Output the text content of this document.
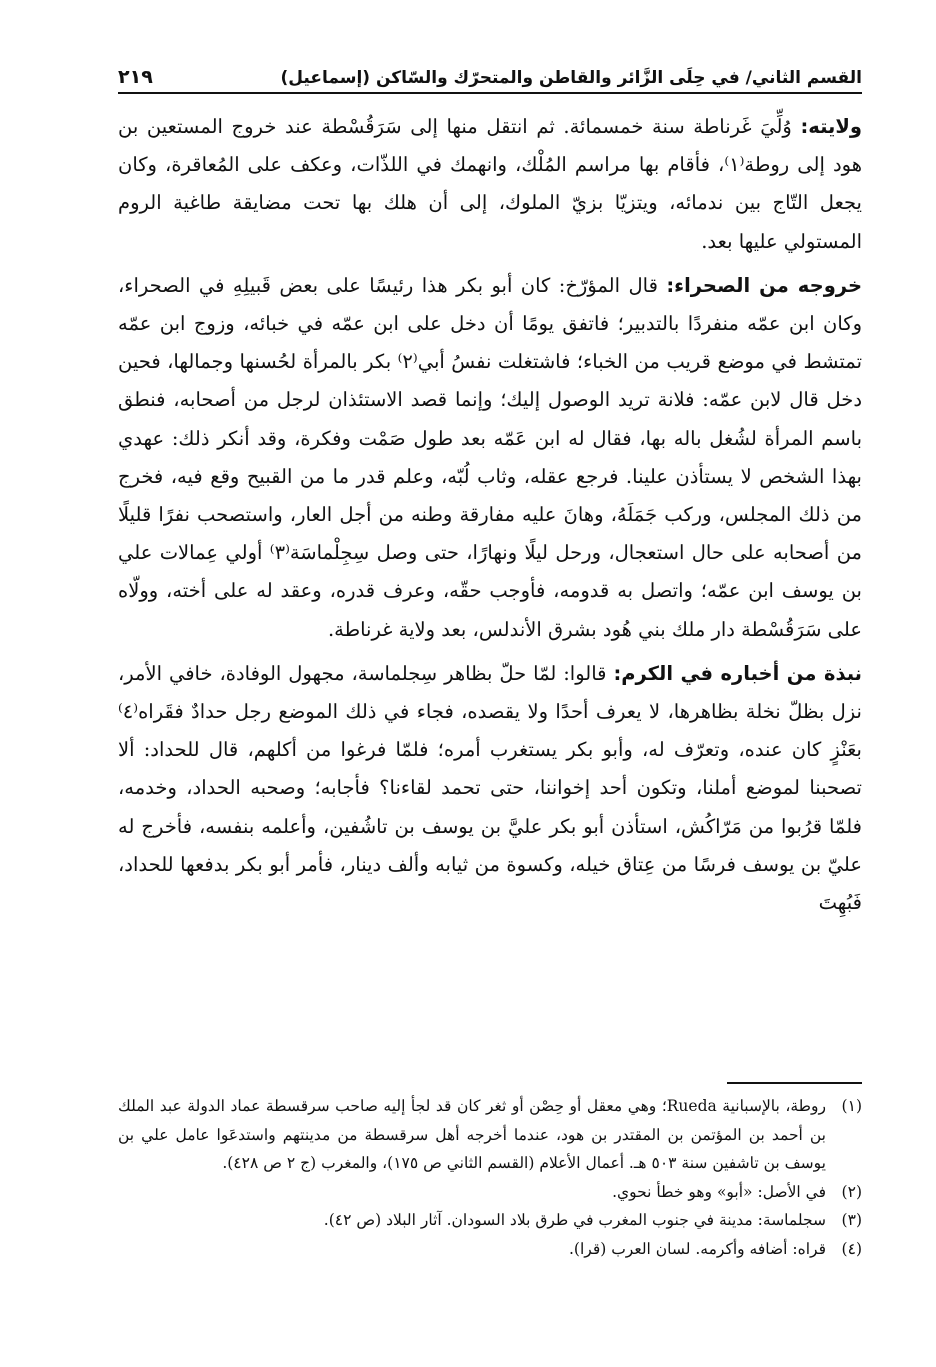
القسم الثاني/ في حِلَى الزَّائر والقاطن والمتحرّك والسّاكن (إسماعيل)
٢١٩

ولايته: وُلِّيَ غَرناطة سنة خمسمائة. ثم انتقل منها إلى سَرَقُسْطة عند خروج المستعين بن هود إلى روطة⁽١⁾، فأقام بها مراسم المُلْك، وانهمك في اللذّات، وعكف على المُعاقرة، وكان يجعل التّاج بين ندمائه، ويتزيّا بزيّ الملوك، إلى أن هلك بها تحت مضايقة طاغية الروم المستولي عليها بعد.

خروجه من الصحراء: قال المؤرّخ: كان أبو بكر هذا رئيسًا على بعض قَبيلِهِ في الصحراء، وكان ابن عمّه منفردًا بالتدبير؛ فاتفق يومًا أن دخل على ابن عمّه في خبائه، وزوج ابن عمّه تمتشط في موضع قريب من الخباء؛ فاشتغلت نفسُ أبي⁽٢⁾ بكر بالمرأة لحُسنها وجمالها، فحين دخل قال لابن عمّه: فلانة تريد الوصول إليك؛ وإنما قصد الاستئذان لرجل من أصحابه، فنطق باسم المرأة لشُغل باله بها، فقال له ابن عَمّه بعد طول صَمْت وفكرة، وقد أنكر ذلك: عهدي بهذا الشخص لا يستأذن علينا. فرجع عقله، وثاب لُبّه، وعلم قدر ما من القبيح وقع فيه، فخرج من ذلك المجلس، وركب جَمَلَهُ، وهانَ عليه مفارقة وطنه من أجل العار، واستصحب نفرًا قليلًا من أصحابه على حال استعجال، ورحل ليلًا ونهارًا، حتى وصل سِجِلْماسَة⁽٣⁾ أولي عِمالات علي بن يوسف ابن عمّه؛ واتصل به قدومه، فأوجب حقّه، وعرف قدره، وعقد له على أخته، وولّاه على سَرَقُسْطة دار ملك بني هُود بشرق الأندلس، بعد ولاية غرناطة.

نبذة من أخباره في الكرم: قالوا: لمّا حلّ بظاهر سِجلماسة، مجهول الوفادة، خافي الأمر، نزل بظلّ نخلة بظاهرها، لا يعرف أحدًا ولا يقصده، فجاء في ذلك الموضع رجل حدادٌ فقَراه⁽٤⁾ بعَنْزٍ كان عنده، وتعرّف له، وأبو بكر يستغرب أمره؛ فلمّا فرغوا من أكلهم، قال للحداد: ألا تصحبنا لموضع أملنا، وتكون أحد إخواننا، حتى تحمد لقاءنا؟ فأجابه؛ وصحبه الحداد، وخدمه، فلمّا قرُبوا من مَرّاكُش، استأذن أبو بكر عليَّ بن يوسف بن تاشُفين، وأعلمه بنفسه، فأخرج له عليّ بن يوسف فرسًا من عِتاق خيله، وكسوة من ثيابه وألف دينار، فأمر أبو بكر بدفعها للحداد، فَبُهِتَ

(١)
روطة، بالإسبانية Rueda؛ وهي معقل أو حِصْن أو ثغر كان قد لجأ إليه صاحب سرقسطة عماد الدولة عبد الملك بن أحمد بن المؤتمن بن المقتدر بن هود، عندما أخرجه أهل سرقسطة من مدينتهم واستدعَوا عامل علي بن يوسف بن تاشفين سنة ٥٠٣ هـ. أعمال الأعلام (القسم الثاني ص ١٧٥)، والمغرب (ج ٢ ص ٤٢٨).
(٢)
في الأصل: «أبو» وهو خطأ نحوي.
(٣)
سجلماسة: مدينة في جنوب المغرب في طرق بلاد السودان. آثار البلاد (ص ٤٢).
(٤)
قراه: أضافه وأكرمه. لسان العرب (قرا).
